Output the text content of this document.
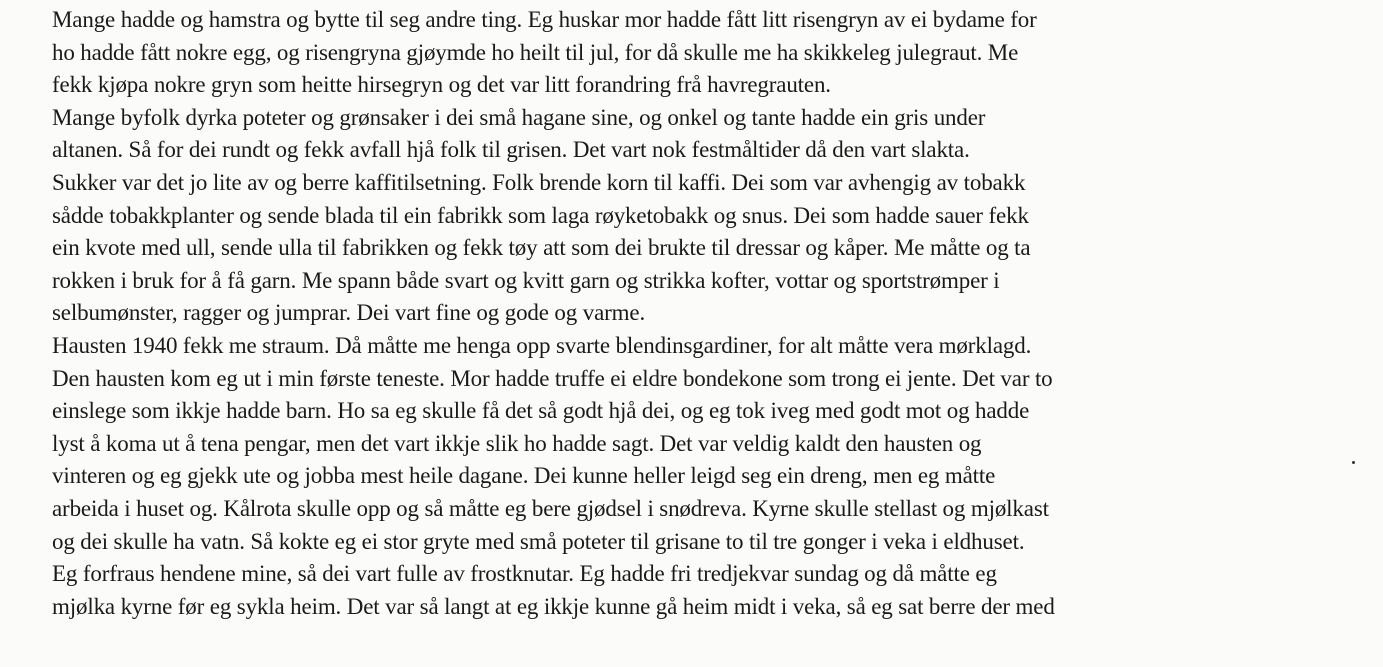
Mange hadde og hamstra og bytte til seg andre ting. Eg huskar mor hadde fått litt risengryn av ei bydame for
ho hadde fått nokre egg, og risengryna gjøymde ho heilt til jul, for då skulle me ha skikkeleg julegraut. Me
fekk kjøpa nokre gryn som heitte hirsegryn og det var litt forandring frå havregrauten.
Mange byfolk dyrka poteter og grønsaker i dei små hagane sine, og onkel og tante hadde ein gris under
altanen. Så for dei rundt og fekk avfall hjå folk til grisen. Det vart nok festmåltider då den vart slakta.
Sukker var det jo lite av og berre kaffitilsetning. Folk brende korn til kaffi. Dei som var avhengig av tobakk
sådde tobakkplanter og sende blada til ein fabrikk som laga røyketobakk og snus. Dei som hadde sauer fekk
ein kvote med ull, sende ulla til fabrikken og fekk tøy att som dei brukte til dressar og kåper. Me måtte og ta
rokken i bruk for å få garn. Me spann både svart og kvitt garn og strikka kofter, vottar og sportstrømper i
selbumønster, ragger og jumprar. Dei vart fine og gode og varme.
Hausten 1940 fekk me straum. Då måtte me henga opp svarte blendinsgardiner, for alt måtte vera mørklagd.
Den hausten kom eg ut i min første teneste. Mor hadde truffe ei eldre bondekone som trong ei jente. Det var to
einslege som ikkje hadde barn. Ho sa eg skulle få det så godt hjå dei, og eg tok iveg med godt mot og hadde
lyst å koma ut å tena pengar, men det vart ikkje slik ho hadde sagt. Det var veldig kaldt den hausten og
vinteren og eg gjekk ute og jobba mest heile dagane. Dei kunne heller leigd seg ein dreng, men eg måtte
arbeida i huset og. Kålrota skulle opp og så måtte eg bere gjødsel i snødreva. Kyrne skulle stellast og mjølkast
og dei skulle ha vatn. Så kokte eg ei stor gryte med små poteter til grisane to til tre gonger i veka i eldhuset.
Eg forfraus hendene mine, så dei vart fulle av frostknutar. Eg hadde fri tredjekvar sundag og då måtte eg
mjølka kyrne før eg sykla heim. Det var så langt at eg ikkje kunne gå heim midt i veka, så eg sat berre der med
